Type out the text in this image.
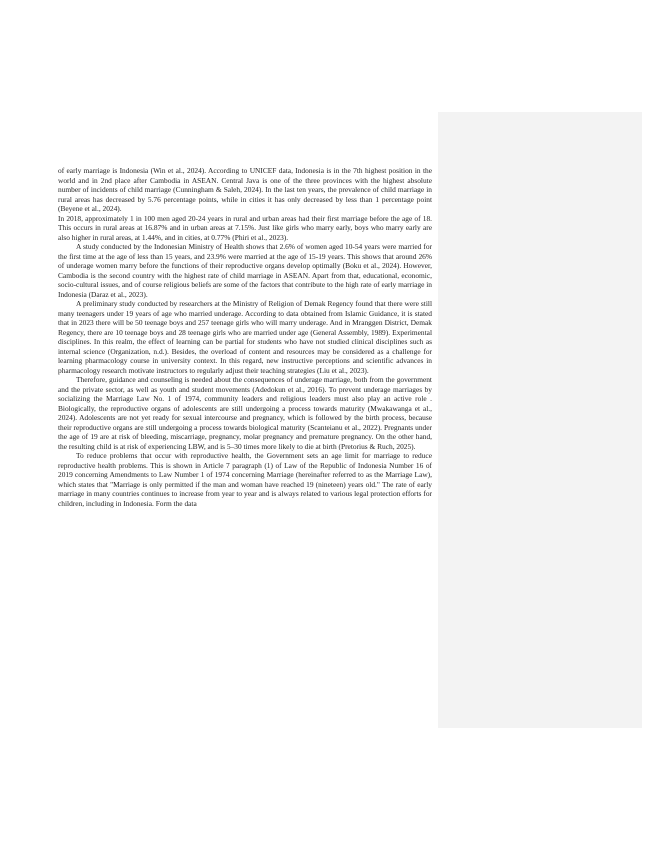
of early marriage is Indonesia (Win et al., 2024). According to UNICEF data, Indonesia is in the 7th highest position in the world and in 2nd place after Cambodia in ASEAN. Central Java is one of the three provinces with the highest absolute number of incidents of child marriage (Cunningham & Saleh, 2024). In the last ten years, the prevalence of child marriage in rural areas has decreased by 5.76 percentage points, while in cities it has only decreased by less than 1 percentage point (Beyene et al., 2024).

In 2018, approximately 1 in 100 men aged 20-24 years in rural and urban areas had their first marriage before the age of 18. This occurs in rural areas at 16.87% and in urban areas at 7.15%. Just like girls who marry early, boys who marry early are also higher in rural areas, at 1.44%, and in cities, at 0.77% (Phiri et al., 2023).

A study conducted by the Indonesian Ministry of Health shows that 2.6% of women aged 10-54 years were married for the first time at the age of less than 15 years, and 23.9% were married at the age of 15-19 years. This shows that around 26% of underage women marry before the functions of their reproductive organs develop optimally (Boku et al., 2024). However, Cambodia is the second country with the highest rate of child marriage in ASEAN. Apart from that, educational, economic, socio-cultural issues, and of course religious beliefs are some of the factors that contribute to the high rate of early marriage in Indonesia (Daraz et al., 2023).

A preliminary study conducted by researchers at the Ministry of Religion of Demak Regency found that there were still many teenagers under 19 years of age who married underage. According to data obtained from Islamic Guidance, it is stated that in 2023 there will be 50 teenage boys and 257 teenage girls who will marry underage. And in Mranggen District, Demak Regency, there are 10 teenage boys and 28 teenage girls who are married under age (General Assembly, 1989). Experimental disciplines. In this realm, the effect of learning can be partial for students who have not studied clinical disciplines such as internal science (Organization, n.d.). Besides, the overload of content and resources may be considered as a challenge for learning pharmacology course in university context. In this regard, new instructive perceptions and scientific advances in pharmacology research motivate instructors to regularly adjust their teaching strategies (Liu et al., 2023).

Therefore, guidance and counseling is needed about the consequences of underage marriage, both from the government and the private sector, as well as youth and student movements (Adedokun et al., 2016). To prevent underage marriages by socializing the Marriage Law No. 1 of 1974, community leaders and religious leaders must also play an active role . Biologically, the reproductive organs of adolescents are still undergoing a process towards maturity (Mwakawanga et al., 2024). Adolescents are not yet ready for sexual intercourse and pregnancy, which is followed by the birth process, because their reproductive organs are still undergoing a process towards biological maturity (Scanteianu et al., 2022). Pregnants under the age of 19 are at risk of bleeding, miscarriage, pregnancy, molar pregnancy and premature pregnancy. On the other hand, the resulting child is at risk of experiencing LBW, and is 5–30 times more likely to die at birth (Pretorius & Ruch, 2025).

To reduce problems that occur with reproductive health, the Government sets an age limit for marriage to reduce reproductive health problems. This is shown in Article 7 paragraph (1) of Law of the Republic of Indonesia Number 16 of 2019 concerning Amendments to Law Number 1 of 1974 concerning Marriage (hereinafter referred to as the Marriage Law), which states that "Marriage is only permitted if the man and woman have reached 19 (nineteen) years old." The rate of early marriage in many countries continues to increase from year to year and is always related to various legal protection efforts for children, including in Indonesia. Form the data
